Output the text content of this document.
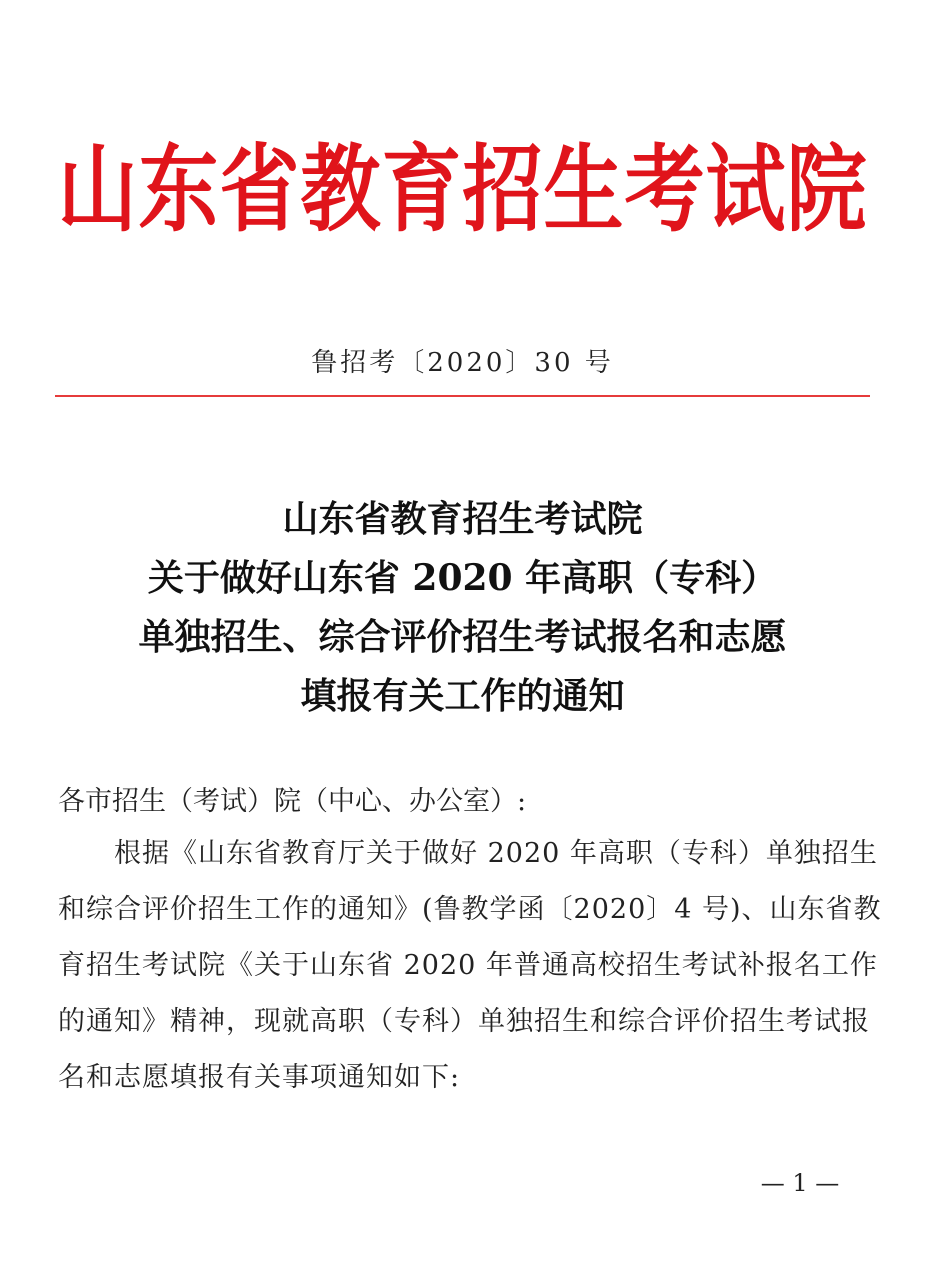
山东省教育招生考试院
鲁招考〔2020〕30 号
山东省教育招生考试院
关于做好山东省 2020 年高职（专科）
单独招生、综合评价招生考试报名和志愿
填报有关工作的通知
各市招生（考试）院（中心、办公室）:
根据《山东省教育厅关于做好 2020 年高职（专科）单独招生
和综合评价招生工作的通知》(鲁教学函〔2020〕4 号)、山东省教
育招生考试院《关于山东省 2020 年普通高校招生考试补报名工作
的通知》精神，现就高职（专科）单独招生和综合评价招生考试报
名和志愿填报有关事项通知如下:
— 1 —
